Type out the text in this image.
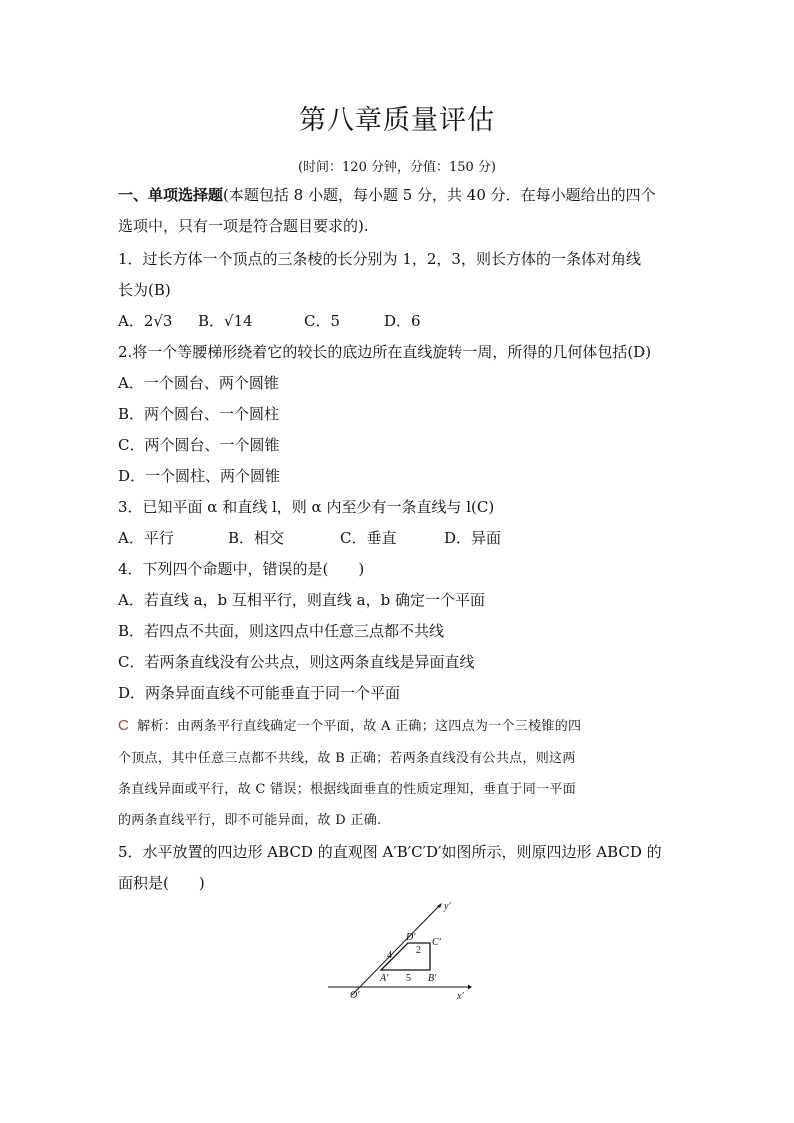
第八章质量评估
(时间：120 分钟，分值：150 分)
一、单项选择题(本题包括 8 小题，每小题 5 分，共 40 分．在每小题给出的四个
选项中，只有一项是符合题目要求的).
1．过长方体一个顶点的三条棱的长分别为 1，2，3，则长方体的一条体对角线
长为(B)
A．2√3 B．√14	C．5	D．6
2.将一个等腰梯形绕着它的较长的底边所在直线旋转一周，所得的几何体包括(D)
A．一个圆台、两个圆锥
B．两个圆台、一个圆柱
C．两个圆台、一个圆锥
D．一个圆柱、两个圆锥
3．已知平面 α 和直线 l，则 α 内至少有一条直线与 l(C)
A．平行	B．相交	C．垂直	D．异面
4．下列四个命题中，错误的是(　　)
A．若直线 a，b 互相平行，则直线 a，b 确定一个平面
B．若四点不共面，则这四点中任意三点都不共线
C．若两条直线没有公共点，则这两条直线是异面直线
D．两条异面直线不可能垂直于同一个平面
C 解析：由两条平行直线确定一个平面，故 A 正确；这四点为一个三棱锥的四
个顶点，其中任意三点都不共线，故 B 正确；若两条直线没有公共点，则这两
条直线异面或平行，故 C 错误；根据线面垂直的性质定理知，垂直于同一平面
的两条直线平行，即不可能异面，故 D 正确.
5．水平放置的四边形 ABCD 的直观图 A′B′C′D′如图所示，则原四边形 ABCD 的
面积是(　　)
y′
x′
O′
A′	B′
C′
D′
4 2
5
